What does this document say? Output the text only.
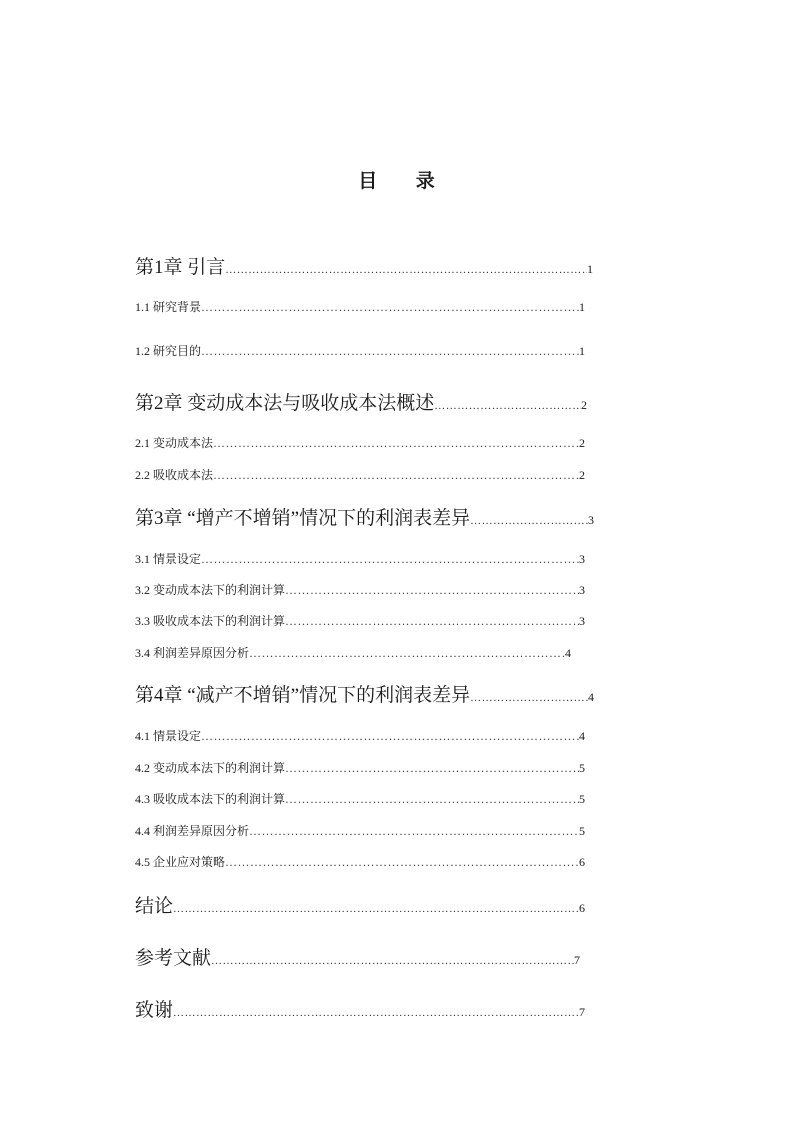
目 录
第1章 引言 ……………………………………………………………………………………………………………………………………………………………	1
1.1 研究背景 ……………………………………………………………………………………………………………………………………………………………	1
1.2 研究目的 ……………………………………………………………………………………………………………………………………………………………	1
第2章 变动成本法与吸收成本法概述 ……………………………………………………………………………………………………………………………………………………………	2
2.1 变动成本法 ……………………………………………………………………………………………………………………………………………………………	2
2.2 吸收成本法 ……………………………………………………………………………………………………………………………………………………………	2
第3章 “增产不增销”情况下的利润表差异 ……………………………………………………………………………………………………………………………………………………………	3
3.1 情景设定 ……………………………………………………………………………………………………………………………………………………………	3
3.2 变动成本法下的利润计算 ……………………………………………………………………………………………………………………………………………………………	3
3.3 吸收成本法下的利润计算 ……………………………………………………………………………………………………………………………………………………………	3
3.4 利润差异原因分析 ……………………………………………………………………………………………………………………………………………………………	4
第4章 “减产不增销”情况下的利润表差异 ……………………………………………………………………………………………………………………………………………………………	4
4.1 情景设定 ……………………………………………………………………………………………………………………………………………………………	4
4.2 变动成本法下的利润计算 ……………………………………………………………………………………………………………………………………………………………	5
4.3 吸收成本法下的利润计算 ……………………………………………………………………………………………………………………………………………………………	5
4.4 利润差异原因分析 ……………………………………………………………………………………………………………………………………………………………	5
4.5 企业应对策略 ……………………………………………………………………………………………………………………………………………………………	6
结论 ……………………………………………………………………………………………………………………………………………………………	6
参考文献 ……………………………………………………………………………………………………………………………………………………………	7
致谢 ……………………………………………………………………………………………………………………………………………………………	7
